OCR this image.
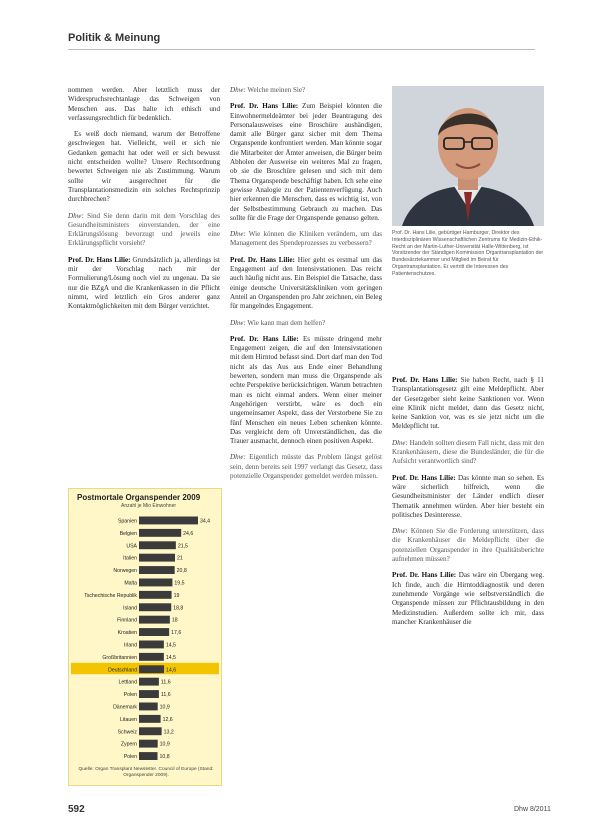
Politik & Meinung

nommen werden. Aber letztlich muss der Widerspruchsrechtanlage das Schweigen von Menschen aus. Das halte ich ethisch und verfassungsrechtlich für bedenklich.

Es weiß doch niemand, warum der Betroffene geschwiegen hat. Vielleicht, weil er sich nie Gedanken gemacht hat oder weil er sich bewusst nicht entscheiden wollte? Unsere Rechtsordnung bewertet Schweigen nie als Zustimmung. Warum sollte wir ausgerechnet für die Transplantationsmedizin ein solches Rechtsprinzip durchbrechen?

Dhw: Sind Sie denn darin mit dem Vorschlag des Gesundheitsministers einverstanden, der eine Erklärungslösung bevorzugt und jeweils eine Erklärungspflicht vorsieht?

Prof. Dr. Hans Lilie: Grundsätzlich ja, allerdings ist mir der Vorschlag nach mir der Formulierung/Lösung noch viel zu ungenau. Da sie nur die BZgA und die Krankenkassen in die Pflicht nimmt, wird letztlich ein Gros anderer ganz Kontaktmöglichkeiten mit dem Bürger verzichtet.

Dhw: Welche meinen Sie?

Prof. Dr. Hans Lilie: Zum Beispiel könnten die Einwohnermeldeämter bei jeder Beantragung des Personalausweises eine Broschüre aushändigen, damit alle Bürger ganz sicher mit dem Thema Organspende konfrontiert werden. Man könnte sogar die Mitarbeiter der Ämter anweisen, die Bürger beim Abholen der Ausweise ein weiteres Mal zu fragen, ob sie die Broschüre gelesen und sich mit dem Thema Organspende beschäftigt haben. Ich sehe eine gewisse Analogie zu der Patientenverfügung. Auch hier erkennen die Menschen, dass es wichtig ist, von der Selbstbestimmung Gebrauch zu machen. Das sollte für die Frage der Organspende genauso gelten.

Dhw: Wie können die Kliniken verändern, um das Management des Spendeprozesses zu verbessern?

Prof. Dr. Hans Lilie: Hier geht es erstmal um das Engagement auf den Intensivstationen. Das reicht auch häufig nicht aus. Ein Beispiel die Tatsache, dass einige deutsche Universitätskliniken vom geringen Anteil an Organspenden pro Jahr zeichnen, ein Beleg für mangelndes Engagement.

Dhw: Wie kann man dem helfen?

Prof. Dr. Hans Lilie: Es müsste dringend mehr Engagement zeigen, die auf den Intensivstationen mit dem Hirntod befasst sind. Dort darf man den Tod nicht als das Aus aus Ende einer Behandlung bewerten, sondern man muss die Organspende als echte Perspektive berücksichtigen. Warum betrachten man es nicht einmal anders. Wenn einer meiner Angehörigen verstirbt, wäre es doch ein ungemeinsamer Aspekt, dass der Verstorbene Sie zu fünf Menschen ein neues Leben schenken könnte. Das vergleicht dem oft Unverständlichen, das die Trauer ausmacht, dennoch einen positiven Aspekt.

Dhw: Eigentlich müsste das Problem längst gelöst sein, denn bereits seit 1997 verlangt das Gesetz, dass potenzielle Organspender gemeldet werden müssen.

Prof. Dr. Hans Lilie, gebürtiger Hamburger, Direktor des Interdisziplinären Wissenschaftlichen Zentrums für Medizin-Ethik-Recht an der Martin-Luther-Universität Halle-Wittenberg, ist Vorsitzender der Ständigen Kommission Organtransplantation der Bundesärztekammer und Mitglied im Beirat für Organtransplantation. Er vertritt die Interessen des Patientenschutzes.
Postmortale Organspender 2009
Anzahl je Mio Einwohner
Spanien	34,4
Belgien	24,6
USA	21,5
Italien	21
Norwegen	20,8
Malta	19,5
Tschechische Republik	19
Island	18,8
Finnland	18
Kroatien	17,6
Irland	14,5
Großbritannien	14,5
Deutschland	14,6
Lettland	11,6
Polen	11,6
Dänemark	10,9
Litauen	12,6
Schweiz	13,2
Zypern	10,9
Polen	10,8
Quelle: Organ Transplant Newsletter. Council of Europe (Stand: Organspender 2009).

Prof. Dr. Hans Lilie: Sie haben Recht, nach § 11 Transplantationsgesetz gilt eine Meldepflicht. Aber der Gesetzgeber sieht keine Sanktionen vor. Wenn eine Klinik nicht meldet, dann das Gesetz nicht, keine Sanktion vor, was es sie jetzt nicht um die Meldepflicht tut.

Dhw: Handeln sollten diesem Fall nicht, dass mit den Krankenhäusern, diese die Bundesländer, die für die Aufsicht verantwortlich sind?

Prof. Dr. Hans Lilie: Das könnte man so sehen. Es wäre sicherlich hilfreich, wenn die Gesundheitsminister der Länder endlich dieser Thematik annehmen würden. Aber hier besteht ein politisches Desinteresse.

Dhw: Können Sie die Forderung unterstützen, dass die Krankenhäuser die Meldepflicht über die potenziellen Organspender in ihre Qualitätsberichte aufnehmen müssen?

Prof. Dr. Hans Lilie: Das wäre ein Übergang weg. Ich finde, auch die Hirntoddiagnostik und deren zunehmende Vorgänge wie selbstverständlich die Organspende müssen zur Pflichtausbildung in den Medizinstudien. Außerdem sollte ich mir, dass mancher Krankenhäuser die

592	Dhw 8/2011
